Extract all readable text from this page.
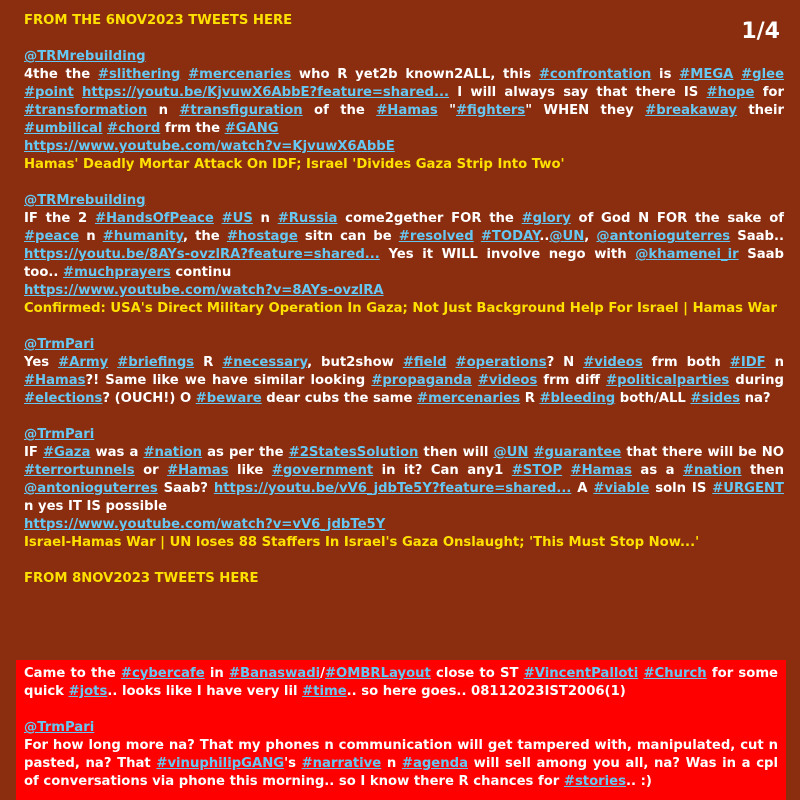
FROM THE 6NOV2023 TWEETS HERE
@TRMrebuilding
4the the #slithering #mercenaries who R yet2b known2ALL, this #confrontation is #MEGA #glee #point https://youtu.be/KjvuwX6AbbE?feature=shared... I will always say that there IS #hope for #transformation n #transfiguration of the #Hamas "#fighters" WHEN they #breakaway their #umbilical #chord frm the #GANG
https://www.youtube.com/watch?v=KjvuwX6AbbE
Hamas' Deadly Mortar Attack On IDF; Israel 'Divides Gaza Strip Into Two'
@TRMrebuilding
IF the 2 #HandsOfPeace #US n #Russia come2gether FOR the #glory of God N FOR the sake of #peace n #humanity, the #hostage sitn can be #resolved #TODAY..@UN, @antonioguterres Saab.. https://youtu.be/8AYs-ovzlRA?feature=shared... Yes it WILL involve nego with @khamenei_ir Saab too.. #muchprayers continu
https://www.youtube.com/watch?v=8AYs-ovzlRA
Confirmed: USA's Direct Military Operation In Gaza; Not Just Background Help For Israel | Hamas War
@TrmPari
Yes #Army #briefings R #necessary, but2show #field #operations? N #videos frm both #IDF n #Hamas?! Same like we have similar looking #propaganda #videos frm diff #politicalparties during #elections? (OUCH!) O #beware dear cubs the same #mercenaries R #bleeding both/ALL #sides na?
@TrmPari
IF #Gaza was a #nation as per the #2StatesSolution then will @UN #guarantee that there will be NO #terrortunnels or #Hamas like #government in it? Can any1 #STOP #Hamas as a #nation then @antonioguterres Saab? https://youtu.be/vV6_jdbTe5Y?feature=shared... A #viable soln IS #URGENT n yes IT IS possible
https://www.youtube.com/watch?v=vV6_jdbTe5Y
Israel-Hamas War | UN loses 88 Staffers In Israel's Gaza Onslaught; 'This Must Stop Now...'
FROM 8NOV2023 TWEETS HERE
1/4
Came to the #cybercafe in #Banaswadi/#OMBRLayout close to ST #VincentPalloti #Church for some quick #jots.. looks like I have very lil #time.. so here goes.. 08112023IST2006(1)
@TrmPari
For how long more na? That my phones n communication will get tampered with, manipulated, cut n pasted, na? That #vinuphilipGANG's #narrative n #agenda will sell among you all, na? Was in a cpl of conversations via phone this morning.. so I know there R chances for #stories.. :)
